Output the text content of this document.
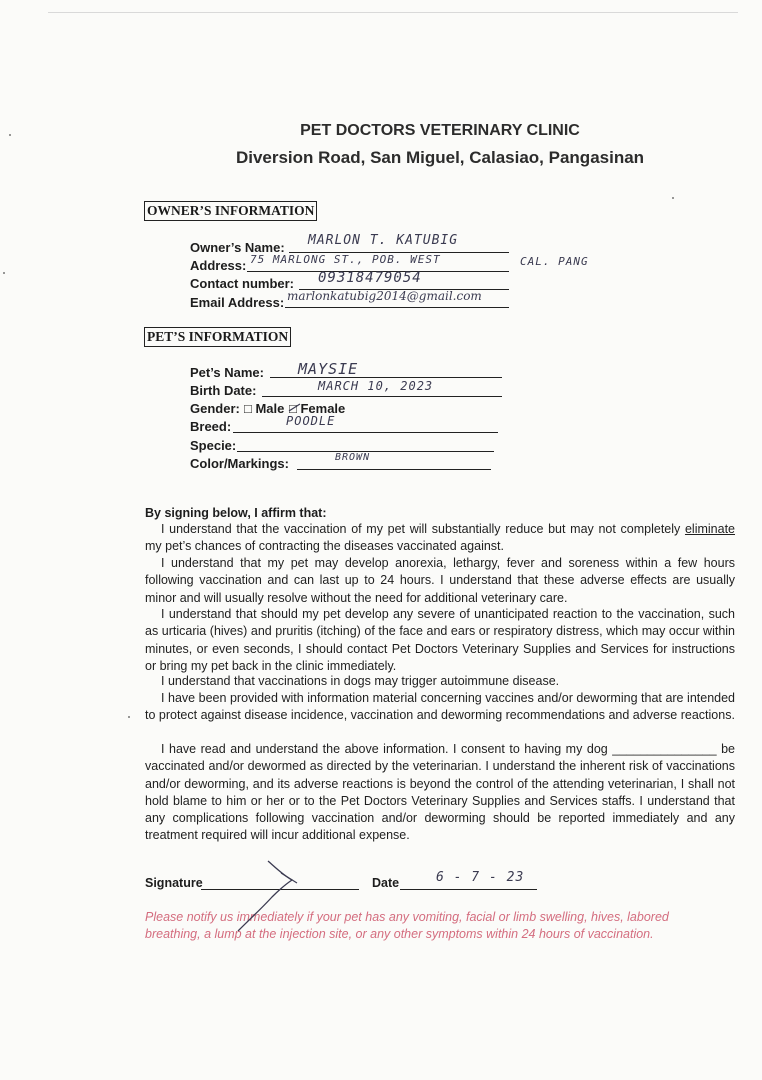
PET DOCTORS VETERINARY CLINIC
Diversion Road, San Miguel, Calasiao, Pangasinan
OWNER’S INFORMATION
Owner’s Name: MARLON T. KATUBIG
Address: 75 MARLONG ST., POB. WEST	CAL. PANG
Contact number: 09318479054
Email Address: marlonkatubig2014@gmail.com
PET’S INFORMATION
Pet’s Name: MAYSIE
Birth Date:	MARCH 10, 2023
Gender: □ Male □ Female
Breed:	POODLE
Specie:
Color/Markings:	BROWN
By signing below, I affirm that:
I understand that the vaccination of my pet will substantially reduce but may not completely eliminate my pet’s chances of contracting the diseases vaccinated against.
I understand that my pet may develop anorexia, lethargy, fever and soreness within a few hours following vaccination and can last up to 24 hours. I understand that these adverse effects are usually minor and will usually resolve without the need for additional veterinary care.
I understand that should my pet develop any severe of unanticipated reaction to the vaccination, such as urticaria (hives) and pruritis (itching) of the face and ears or respiratory distress, which may occur within minutes, or even seconds, I should contact Pet Doctors Veterinary Supplies and Services for instructions or bring my pet back in the clinic immediately.
I understand that vaccinations in dogs may trigger autoimmune disease.
I have been provided with information material concerning vaccines and/or deworming that are intended to protect against disease incidence, vaccination and deworming recommendations and adverse reactions.
I have read and understand the above information. I consent to having my dog _______________ be vaccinated and/or dewormed as directed by the veterinarian. I understand the inherent risk of vaccinations and/or deworming, and its adverse reactions is beyond the control of the attending veterinarian, I shall not hold blame to him or her or to the Pet Doctors Veterinary Supplies and Services staffs. I understand that any complications following vaccination and/or deworming should be reported immediately and any treatment required will incur additional expense.
Signature	Date	6 - 7 - 23
Please notify us immediately if your pet has any vomiting, facial or limb swelling, hives, labored breathing, a lump at the injection site, or any other symptoms within 24 hours of vaccination.
